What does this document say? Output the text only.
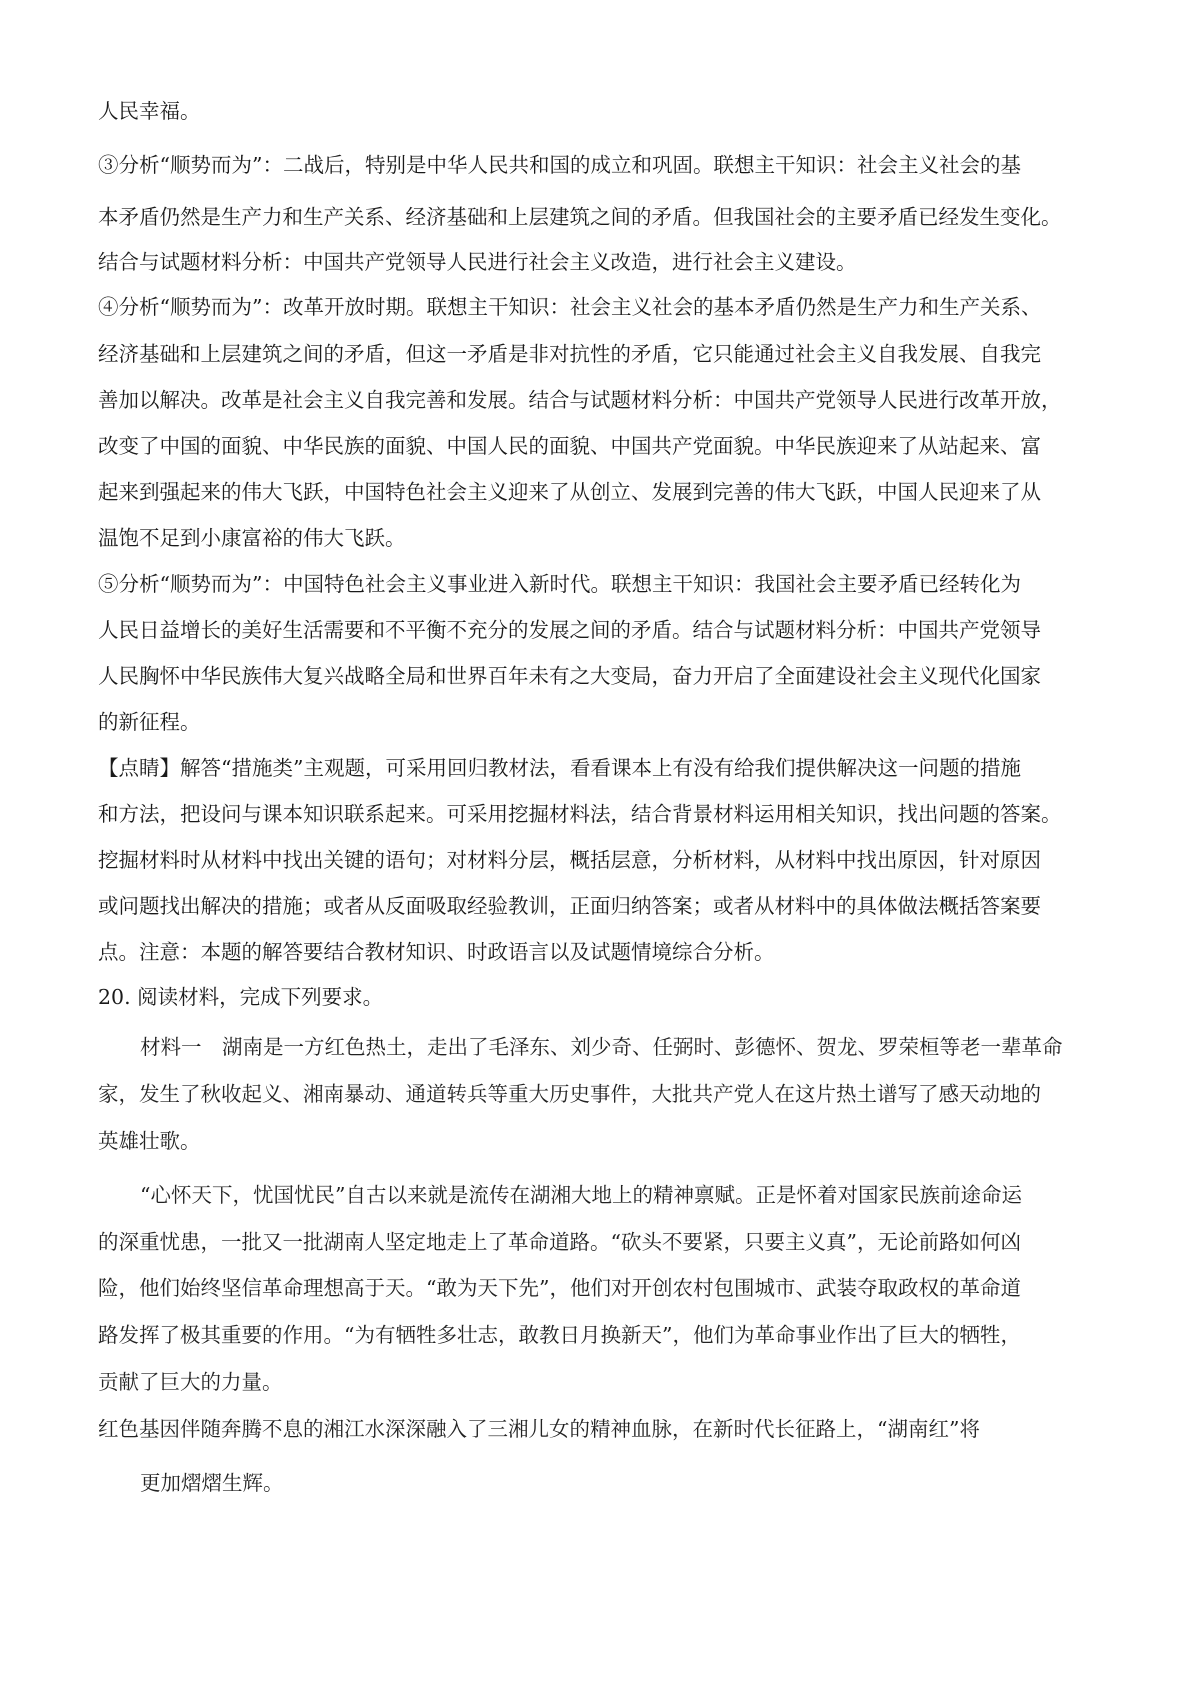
人民幸福。

③分析“顺势而为”：二战后，特别是中华人民共和国的成立和巩固。联想主干知识：社会主义社会的基

本矛盾仍然是生产力和生产关系、经济基础和上层建筑之间的矛盾。但我国社会的主要矛盾已经发生变化。

结合与试题材料分析：中国共产党领导人民进行社会主义改造，进行社会主义建设。

④分析“顺势而为”：改革开放时期。联想主干知识：社会主义社会的基本矛盾仍然是生产力和生产关系、

经济基础和上层建筑之间的矛盾，但这一矛盾是非对抗性的矛盾，它只能通过社会主义自我发展、自我完

善加以解决。改革是社会主义自我完善和发展。结合与试题材料分析：中国共产党领导人民进行改革开放，

改变了中国的面貌、中华民族的面貌、中国人民的面貌、中国共产党面貌。中华民族迎来了从站起来、富

起来到强起来的伟大飞跃，中国特色社会主义迎来了从创立、发展到完善的伟大飞跃，中国人民迎来了从

温饱不足到小康富裕的伟大飞跃。

⑤分析“顺势而为”：中国特色社会主义事业进入新时代。联想主干知识：我国社会主要矛盾已经转化为

人民日益增长的美好生活需要和不平衡不充分的发展之间的矛盾。结合与试题材料分析：中国共产党领导

人民胸怀中华民族伟大复兴战略全局和世界百年未有之大变局，奋力开启了全面建设社会主义现代化国家

的新征程。

【点睛】解答“措施类”主观题，可采用回归教材法，看看课本上有没有给我们提供解决这一问题的措施

和方法，把设问与课本知识联系起来。可采用挖掘材料法，结合背景材料运用相关知识，找出问题的答案。

挖掘材料时从材料中找出关键的语句；对材料分层，概括层意，分析材料，从材料中找出原因，针对原因

或问题找出解决的措施；或者从反面吸取经验教训，正面归纳答案；或者从材料中的具体做法概括答案要

点。注意：本题的解答要结合教材知识、时政语言以及试题情境综合分析。

20. 阅读材料，完成下列要求。

材料一　湖南是一方红色热土，走出了毛泽东、刘少奇、任弼时、彭德怀、贺龙、罗荣桓等老一辈革命

家，发生了秋收起义、湘南暴动、通道转兵等重大历史事件，大批共产党人在这片热土谱写了感天动地的

英雄壮歌。

“心怀天下，忧国忧民”自古以来就是流传在湖湘大地上的精神禀赋。正是怀着对国家民族前途命运

的深重忧患，一批又一批湖南人坚定地走上了革命道路。“砍头不要紧，只要主义真”，无论前路如何凶

险，他们始终坚信革命理想高于天。“敢为天下先”，他们对开创农村包围城市、武装夺取政权的革命道

路发挥了极其重要的作用。“为有牺牲多壮志，敢教日月换新天”，他们为革命事业作出了巨大的牺牲，

贡献了巨大的力量。

红色基因伴随奔腾不息的湘江水深深融入了三湘儿女的精神血脉，在新时代长征路上，“湖南红”将

更加熠熠生辉。
